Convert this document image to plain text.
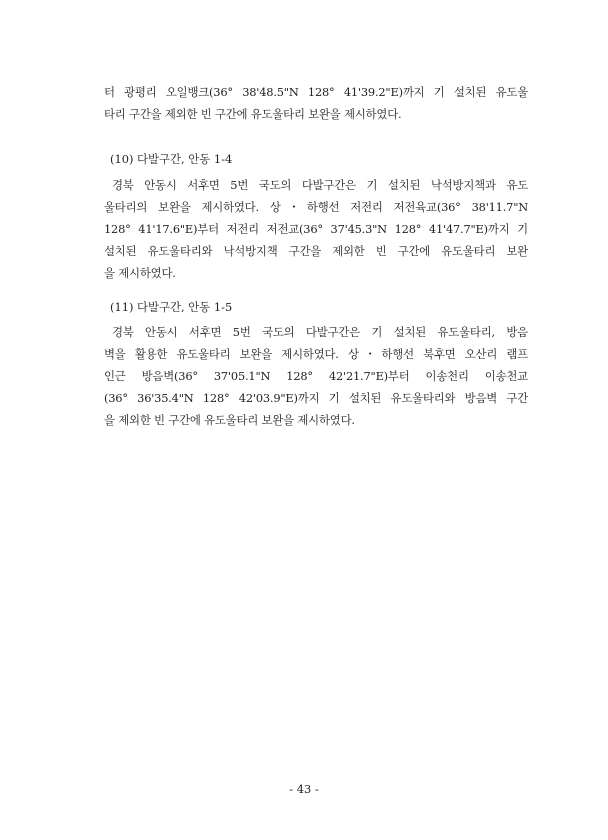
터 광평리 오일뱅크(36° 38'48.5"N 128° 41'39.2"E)까지 기 설치된 유도울
타리 구간을 제외한 빈 구간에 유도울타리 보완을 제시하였다.
(10) 다발구간, 안동 1-4
경북 안동시 서후면 5번 국도의 다발구간은 기 설치된 낙석방지책과 유도
울타리의 보완을 제시하였다. 상・하행선 저전리 저전육교(36° 38'11.7"N
128° 41'17.6"E)부터 저전리 저전교(36° 37'45.3"N 128° 41'47.7"E)까지 기
설치된 유도울타리와 낙석방지책 구간을 제외한 빈 구간에 유도울타리 보완
을 제시하였다.
(11) 다발구간, 안동 1-5
경북 안동시 서후면 5번 국도의 다발구간은 기 설치된 유도울타리, 방음
벽을 활용한 유도울타리 보완을 제시하였다. 상・하행선 북후면 오산리 램프
인근 방음벽(36° 37'05.1"N 128° 42'21.7"E)부터 이송천리 이송천교
(36° 36'35.4"N 128° 42'03.9"E)까지 기 설치된 유도울타리와 방음벽 구간
을 제외한 빈 구간에 유도울타리 보완을 제시하였다.
- 43 -
